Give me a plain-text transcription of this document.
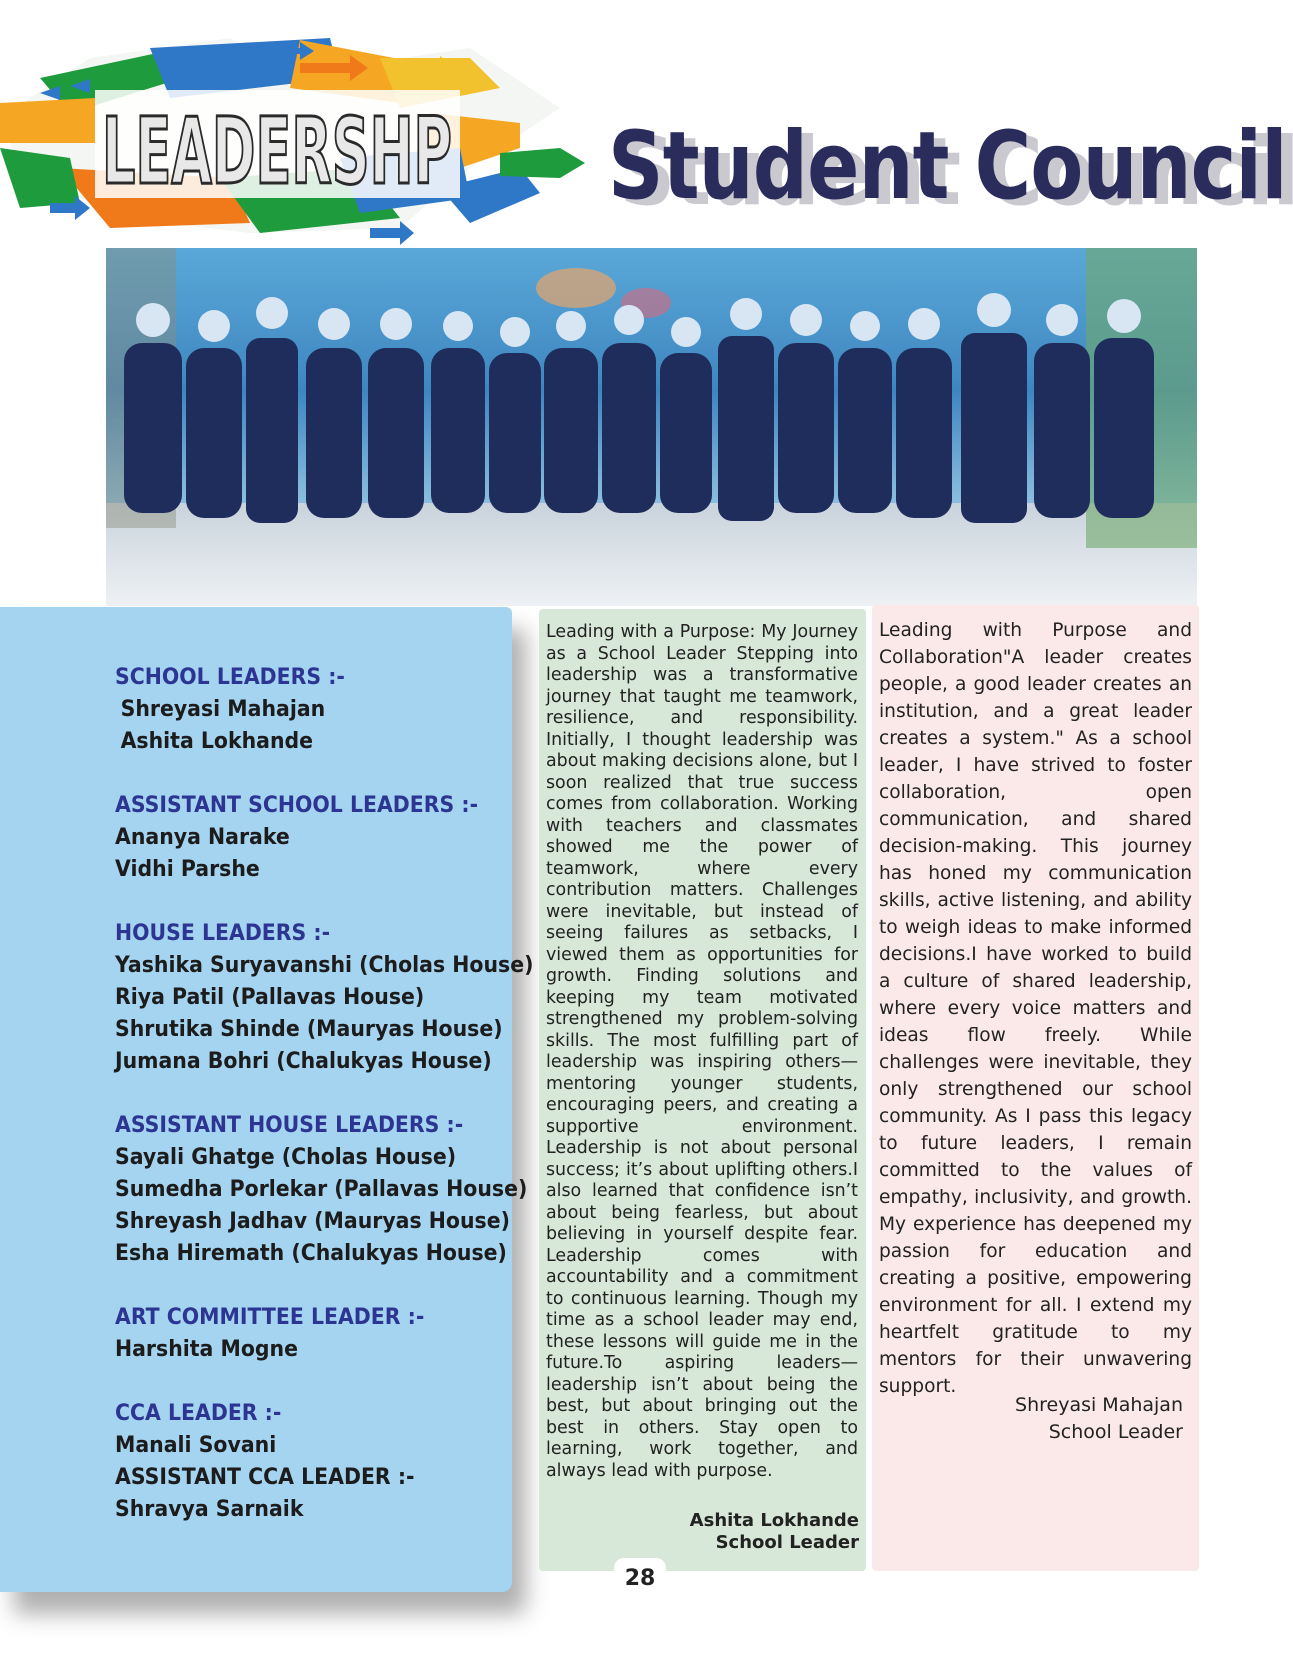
LEADERSHP Student Council
SCHOOL LEADERS :-
Shreyasi Mahajan
Ashita Lokhande
ASSISTANT SCHOOL LEADERS :-
Ananya Narake
Vidhi Parshe
HOUSE LEADERS :-
Yashika Suryavanshi (Cholas House)
Riya Patil (Pallavas House)
Shrutika Shinde (Mauryas House)
Jumana Bohri (Chalukyas House)
ASSISTANT HOUSE LEADERS :-
Sayali Ghatge (Cholas House)
Sumedha Porlekar (Pallavas House)
Shreyash Jadhav (Mauryas House)
Esha Hiremath (Chalukyas House)
ART COMMITTEE LEADER :-
Harshita Mogne
CCA LEADER :-
Manali Sovani
ASSISTANT CCA LEADER :-
Shravya Sarnaik

Leading with a Purpose: My Journey as a School Leader Stepping into leadership was a transformative journey that taught me teamwork, resilience, and responsibility. Initially, I thought leadership was about making decisions alone, but I soon realized that true success comes from collaboration. Working with teachers and classmates showed me the power of teamwork, where every contribution matters. Challenges were inevitable, but instead of seeing failures as setbacks, I viewed them as opportunities for growth. Finding solutions and keeping my team motivated strengthened my problem-solving skills. The most fulfilling part of leadership was inspiring others—mentoring younger students, encouraging peers, and creating a supportive environment. Leadership is not about personal success; it’s about uplifting others.I also learned that confidence isn’t about being fearless, but about believing in yourself despite fear. Leadership comes with accountability and a commitment to continuous learning. Though my time as a school leader may end, these lessons will guide me in the future.To aspiring leaders—leadership isn’t about being the best, but about bringing out the best in others. Stay open to learning, work together, and always lead with purpose.

Ashita Lokhande
School Leader

Leading with Purpose and Collaboration"A leader creates people, a good leader creates an institution, and a great leader creates a system." As a school leader, I have strived to foster collaboration, open communication, and shared decision-making. This journey has honed my communication skills, active listening, and ability to weigh ideas to make informed decisions.I have worked to build a culture of shared leadership, where every voice matters and ideas flow freely. While challenges were inevitable, they only strengthened our school community. As I pass this legacy to future leaders, I remain committed to the values of empathy, inclusivity, and growth. My experience has deepened my passion for education and creating a positive, empowering environment for all. I extend my heartfelt gratitude to my mentors for their unwavering support.

Shreyasi Mahajan
School Leader
28
